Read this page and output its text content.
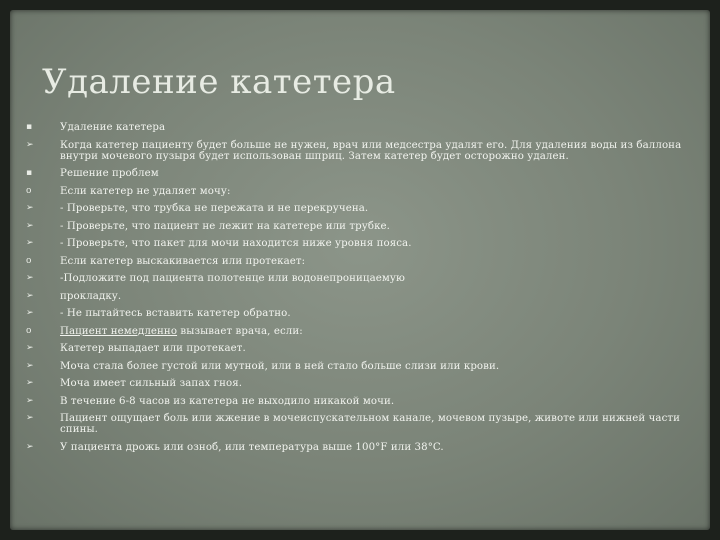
Удаление катетера
▪	Удаление катетера
➢	Когда катетер пациенту будет больше не нужен, врач или медсестра удалят его. Для удаления воды из баллона внутри мочевого пузыря будет использован шприц. Затем катетер будет осторожно удален.
▪	Решение проблем
o	Если катетер не удаляет мочу:
➢	- Проверьте, что трубка не пережата и не перекручена.
➢	- Проверьте, что пациент не лежит на катетере или трубке.
➢	- Проверьте, что пакет для мочи находится ниже уровня пояса.
o	Если катетер выскакивается или протекает:
➢	-Подложите под пациента полотенце или водонепроницаемую
➢	прокладку.
➢	- Не пытайтесь вставить катетер обратно.
o	Пациент немедленно вызывает врача, если:
➢	Катетер выпадает или протекает.
➢	Моча стала более густой или мутной, или в ней стало больше слизи или крови.
➢	Моча имеет сильный запах гноя.
➢	В течение 6-8 часов из катетера не выходило никакой мочи.
➢	Пациент ощущает боль или жжение в мочеиспускательном канале, мочевом пузыре, животе или нижней части спины.
➢	У пациента дрожь или озноб, или температура выше 100°F или 38°C.
